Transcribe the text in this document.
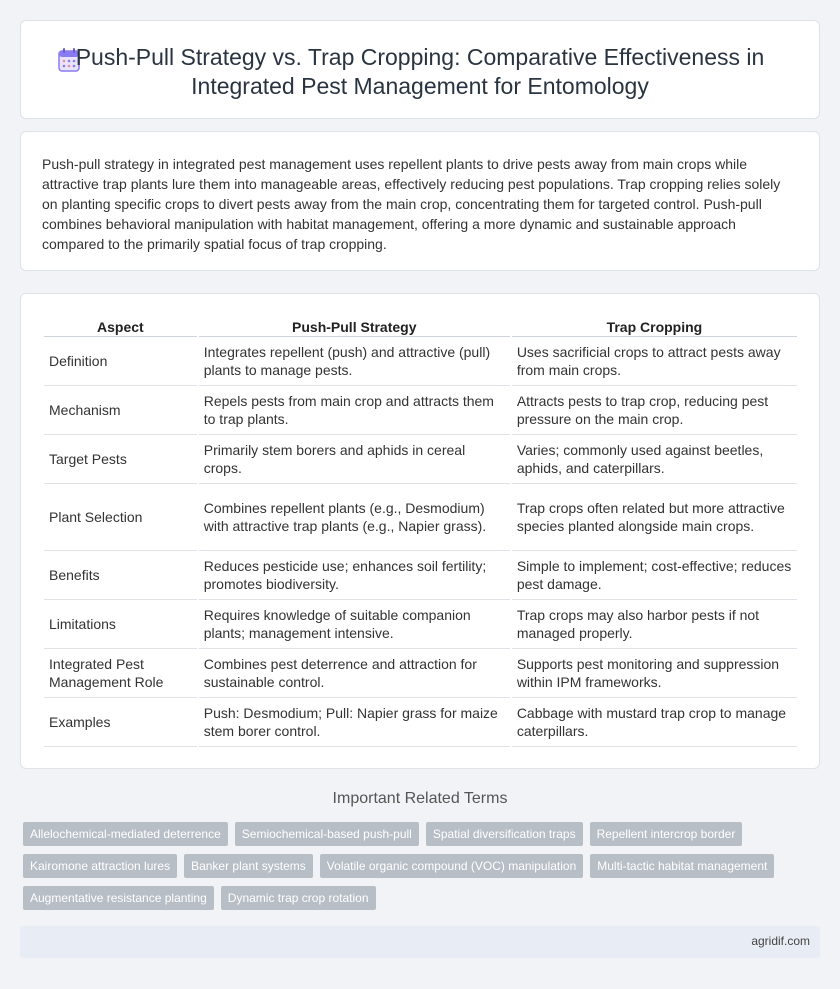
Push-Pull Strategy vs. Trap Cropping: Comparative Effectiveness in Integrated Pest Management for Entomology

Push-pull strategy in integrated pest management uses repellent plants to drive pests away from main crops while attractive trap plants lure them into manageable areas, effectively reducing pest populations. Trap cropping relies solely on planting specific crops to divert pests away from the main crop, concentrating them for targeted control. Push-pull combines behavioral manipulation with habitat management, offering a more dynamic and sustainable approach compared to the primarily spatial focus of trap cropping.

Aspect	Push-Pull Strategy	Trap Cropping
Definition	Integrates repellent (push) and attractive (pull) plants to manage pests.	Uses sacrificial crops to attract pests away from main crops.
Mechanism	Repels pests from main crop and attracts them to trap plants.	Attracts pests to trap crop, reducing pest pressure on the main crop.
Target Pests	Primarily stem borers and aphids in cereal crops.	Varies; commonly used against beetles, aphids, and caterpillars.
Plant Selection	Combines repellent plants (e.g., Desmodium) with attractive trap plants (e.g., Napier grass).	Trap crops often related but more attractive species planted alongside main crops.
Benefits	Reduces pesticide use; enhances soil fertility; promotes biodiversity.	Simple to implement; cost-effective; reduces pest damage.
Limitations	Requires knowledge of suitable companion plants; management intensive.	Trap crops may also harbor pests if not managed properly.
Integrated Pest Management Role	Combines pest deterrence and attraction for sustainable control.	Supports pest monitoring and suppression within IPM frameworks.
Examples	Push: Desmodium; Pull: Napier grass for maize stem borer control.	Cabbage with mustard trap crop to manage caterpillars.
Important Related Terms
Allelochemical-mediated deterrence	Semiochemical-based push-pull	Spatial diversification traps	Repellent intercrop border
Kairomone attraction lures	Banker plant systems	Volatile organic compound (VOC) manipulation	Multi-tactic habitat management
Augmentative resistance planting	Dynamic trap crop rotation
agridif.com
